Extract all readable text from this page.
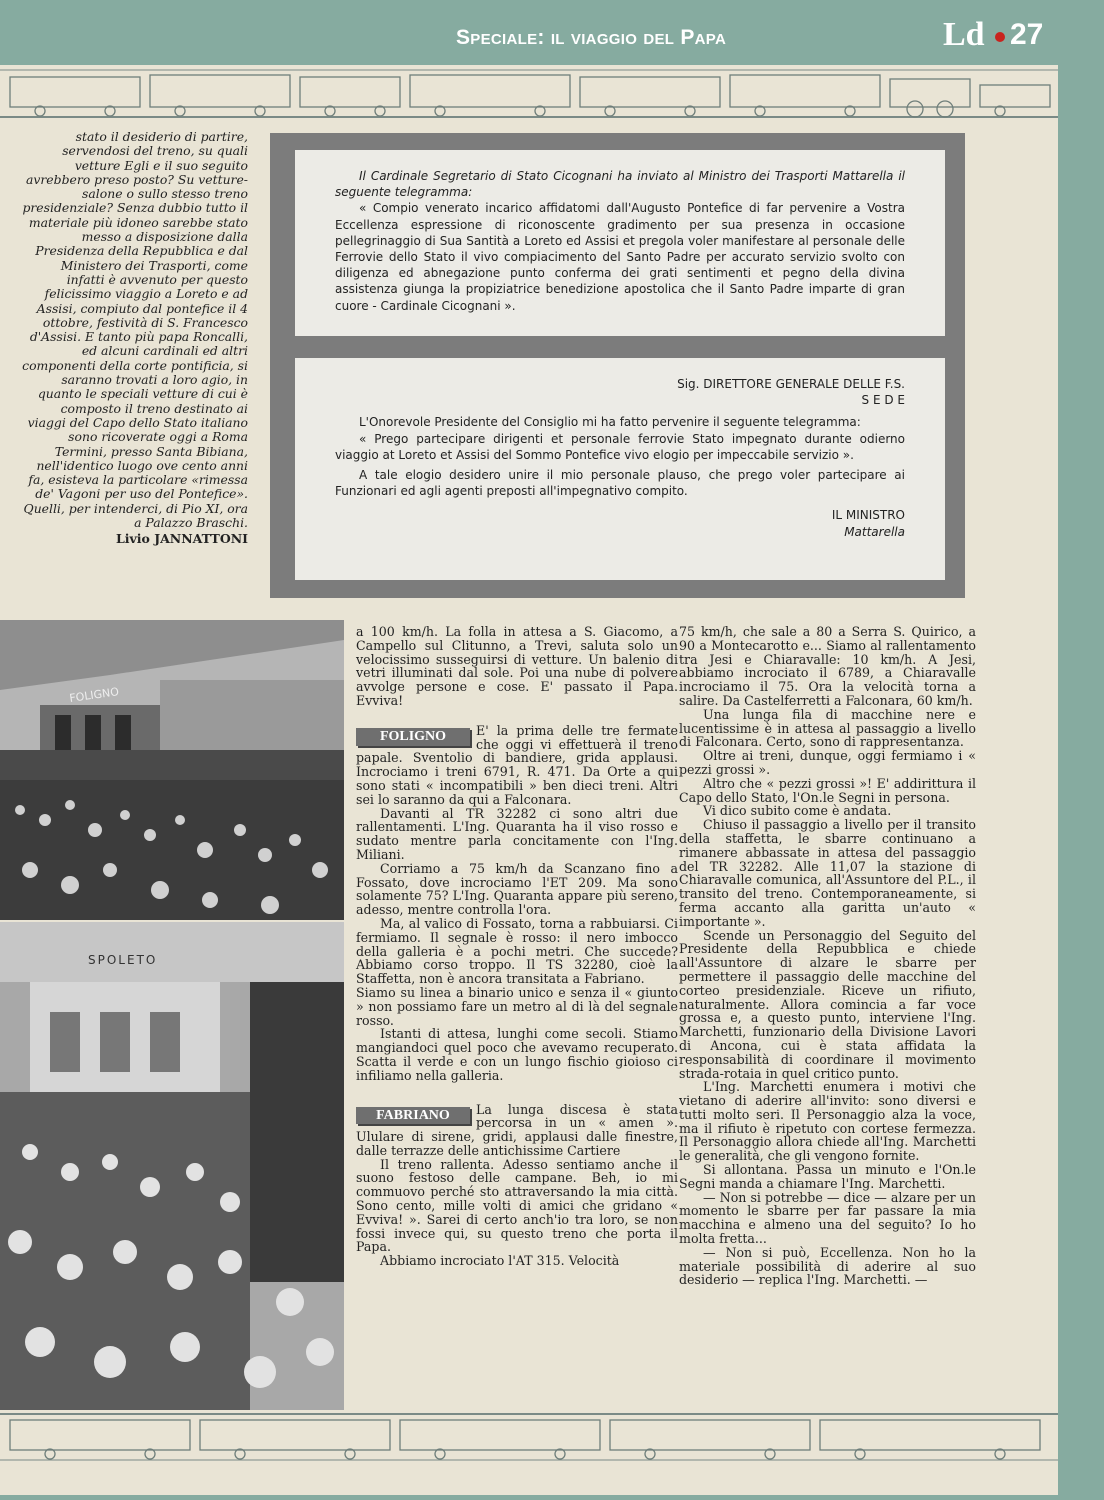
Speciale: il viaggio del Papa	Ld 27

stato il desiderio di partire, servendosi del treno, su quali vetture Egli e il suo seguito avrebbero preso posto? Su vetture-salone o sullo stesso treno presidenziale? Senza dubbio tutto il materiale più idoneo sarebbe stato messo a disposizione dalla Presidenza della Repubblica e dal Ministero dei Trasporti, come infatti è avvenuto per questo felicissimo viaggio a Loreto e ad Assisi, compiuto dal pontefice il 4 ottobre, festività di S. Francesco d'Assisi. E tanto più papa Roncalli, ed alcuni cardinali ed altri componenti della corte pontificia, si saranno trovati a loro agio, in quanto le speciali vetture di cui è composto il treno destinato ai viaggi del Capo dello Stato italiano sono ricoverate oggi a Roma Termini, presso Santa Bibiana, nell'identico luogo ove cento anni fa, esisteva la particolare «rimessa de' Vagoni per uso del Pontefice». Quelli, per intenderci, di Pio XI, ora a Palazzo Braschi.

Livio JANNATTONI

Il Cardinale Segretario di Stato Cicognani ha inviato al Ministro dei Trasporti Mattarella il seguente telegramma:

« Compio venerato incarico affidatomi dall'Augusto Pontefice di far pervenire a Vostra Eccellenza espressione di riconoscente gradimento per sua presenza in occasione pellegrinaggio di Sua Santità a Loreto ed Assisi et pregola voler manifestare al personale delle Ferrovie dello Stato il vivo compiacimento del Santo Padre per accurato servizio svolto con diligenza ed abnegazione punto conferma dei grati sentimenti et pegno della divina assistenza giunga la propiziatrice benedizione apostolica che il Santo Padre imparte di gran cuore - Cardinale Cicognani ».

Sig. DIRETTORE GENERALE DELLE F.S.

S E D E

L'Onorevole Presidente del Consiglio mi ha fatto pervenire il seguente telegramma:

« Prego partecipare dirigenti et personale ferrovie Stato impegnato durante odierno viaggio at Loreto et Assisi del Sommo Pontefice vivo elogio per impeccabile servizio ».

A tale elogio desidero unire il mio personale plauso, che prego voler partecipare ai Funzionari ed agli agenti preposti all'impegnativo compito.

IL MINISTRO

Mattarella

FOLIGNO
SPOLETO

a 100 km/h. La folla in attesa a S. Giacomo, a Campello sul Clitunno, a Trevi, saluta solo un velocissimo susseguirsi di vetture. Un balenio di vetri illuminati dal sole. Poi una nube di polvere avvolge persone e cose. E' passato il Papa. Evviva!

FOLIGNO	E' la prima delle tre fermate che oggi vi effettuerà il treno papale. Sventolio di bandiere, grida applausi. Incrociamo i treni 6791, R. 471. Da Orte a qui sono stati « incompatibili » ben dieci treni. Altri sei lo saranno da qui a Falconara.

Davanti al TR 32282 ci sono altri due rallentamenti. L'Ing. Quaranta ha il viso rosso e sudato mentre parla concitamente con l'Ing. Miliani.

Corriamo a 75 km/h da Scanzano fino a Fossato, dove incrociamo l'ET 209. Ma sono solamente 75? L'Ing. Quaranta appare più sereno, adesso, mentre controlla l'ora.

Ma, al valico di Fossato, torna a rabbuiarsi. Ci fermiamo. Il segnale è rosso: il nero imbocco della galleria è a pochi metri. Che succede? Abbiamo corso troppo. Il TS 32280, cioè la Staffetta, non è ancora transitata a Fabriano.

Siamo su linea a binario unico e senza il « giunto » non possiamo fare un metro al di là del segnale rosso.

Istanti di attesa, lunghi come secoli. Stiamo mangiandoci quel poco che avevamo recuperato. Scatta il verde e con un lungo fischio gioioso ci infiliamo nella galleria.

FABRIANO	La lunga discesa è stata percorsa in un « amen ». Ululare di sirene, gridi, applausi dalle finestre, dalle terrazze delle antichissime Cartiere

Il treno rallenta. Adesso sentiamo anche il suono festoso delle campane. Beh, io mi commuovo perché sto attraversando la mia città. Sono cento, mille volti di amici che gridano « Evviva! ». Sarei di certo anch'io tra loro, se non fossi invece qui, su questo treno che porta il Papa.

Abbiamo incrociato l'AT 315. Velocità

75 km/h, che sale a 80 a Serra S. Quirico, a 90 a Montecarotto e... Siamo al rallentamento tra Jesi e Chiaravalle: 10 km/h. A Jesi, abbiamo incrociato il 6789, a Chiaravalle incrociamo il 75. Ora la velocità torna a salire. Da Castelferretti a Falconara, 60 km/h.

Una lunga fila di macchine nere e lucentissime è in attesa al passaggio a livello di Falconara. Certo, sono di rappresentanza.

Oltre ai treni, dunque, oggi fermiamo i « pezzi grossi ».

Altro che « pezzi grossi »! E' addirittura il Capo dello Stato, l'On.le Segni in persona.

Vi dico subito come è andata.

Chiuso il passaggio a livello per il transito della staffetta, le sbarre continuano a rimanere abbassate in attesa del passaggio del TR 32282. Alle 11,07 la stazione di Chiaravalle comunica, all'Assuntore del P.L., il transito del treno. Contemporaneamente, si ferma accanto alla garitta un'auto « importante ».

Scende un Personaggio del Seguito del Presidente della Repubblica e chiede all'Assuntore di alzare le sbarre per permettere il passaggio delle macchine del corteo presidenziale. Riceve un rifiuto, naturalmente. Allora comincia a far voce grossa e, a questo punto, interviene l'Ing. Marchetti, funzionario della Divisione Lavori di Ancona, cui è stata affidata la responsabilità di coordinare il movimento strada-rotaia in quel critico punto.

L'Ing. Marchetti enumera i motivi che vietano di aderire all'invito: sono diversi e tutti molto seri. Il Personaggio alza la voce, ma il rifiuto è ripetuto con cortese fermezza. Il Personaggio allora chiede all'Ing. Marchetti le generalità, che gli vengono fornite.

Si allontana. Passa un minuto e l'On.le Segni manda a chiamare l'Ing. Marchetti.

— Non si potrebbe — dice — alzare per un momento le sbarre per far passare la mia macchina e almeno una del seguito? Io ho molta fretta...

— Non si può, Eccellenza. Non ho la materiale possibilità di aderire al suo desiderio — replica l'Ing. Marchetti. —
